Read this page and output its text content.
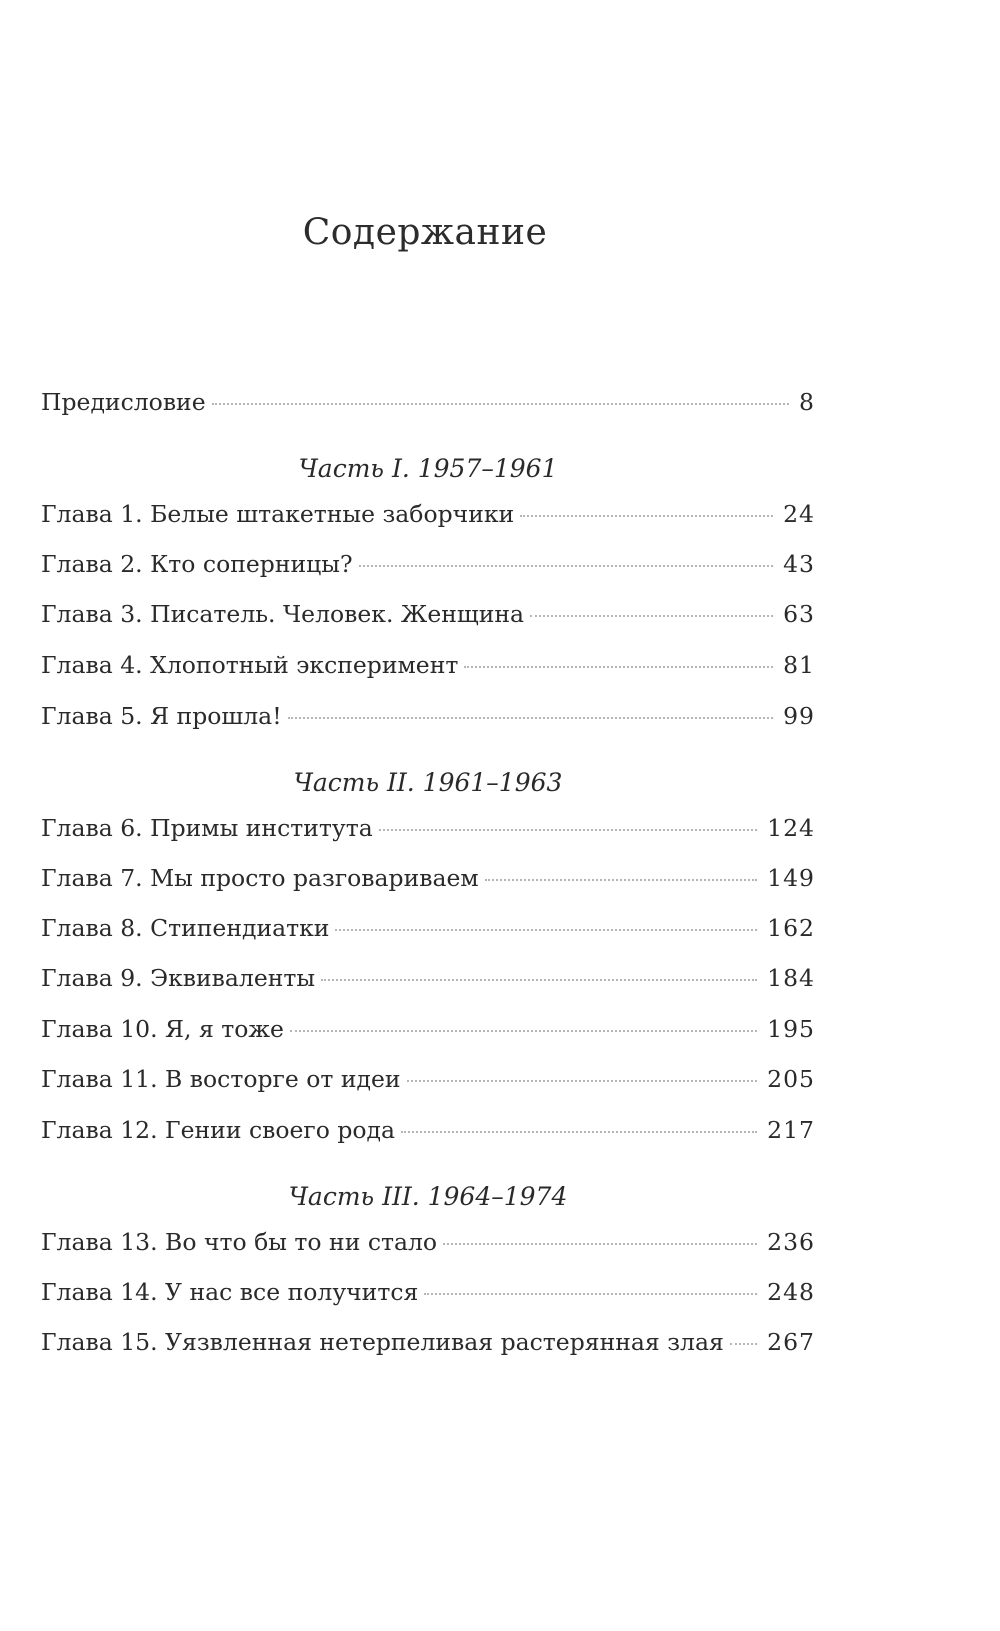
Содержание
Предисловие	8
Часть I. 1957–1961
Глава 1. Белые штакетные заборчики	24
Глава 2. Кто соперницы?	43
Глава 3. Писатель. Человек. Женщина	63
Глава 4. Хлопотный эксперимент	81
Глава 5. Я прошла!	99
Часть II. 1961–1963
Глава 6. Примы института	124
Глава 7. Мы просто разговариваем	149
Глава 8. Стипендиатки	162
Глава 9. Эквиваленты	184
Глава 10. Я, я тоже	195
Глава 11. В восторге от идеи	205
Глава 12. Гении своего рода	217
Часть III. 1964–1974
Глава 13. Во что бы то ни стало	236
Глава 14. У нас все получится	248
Глава 15. Уязвленная нетерпеливая растерянная злая 267
